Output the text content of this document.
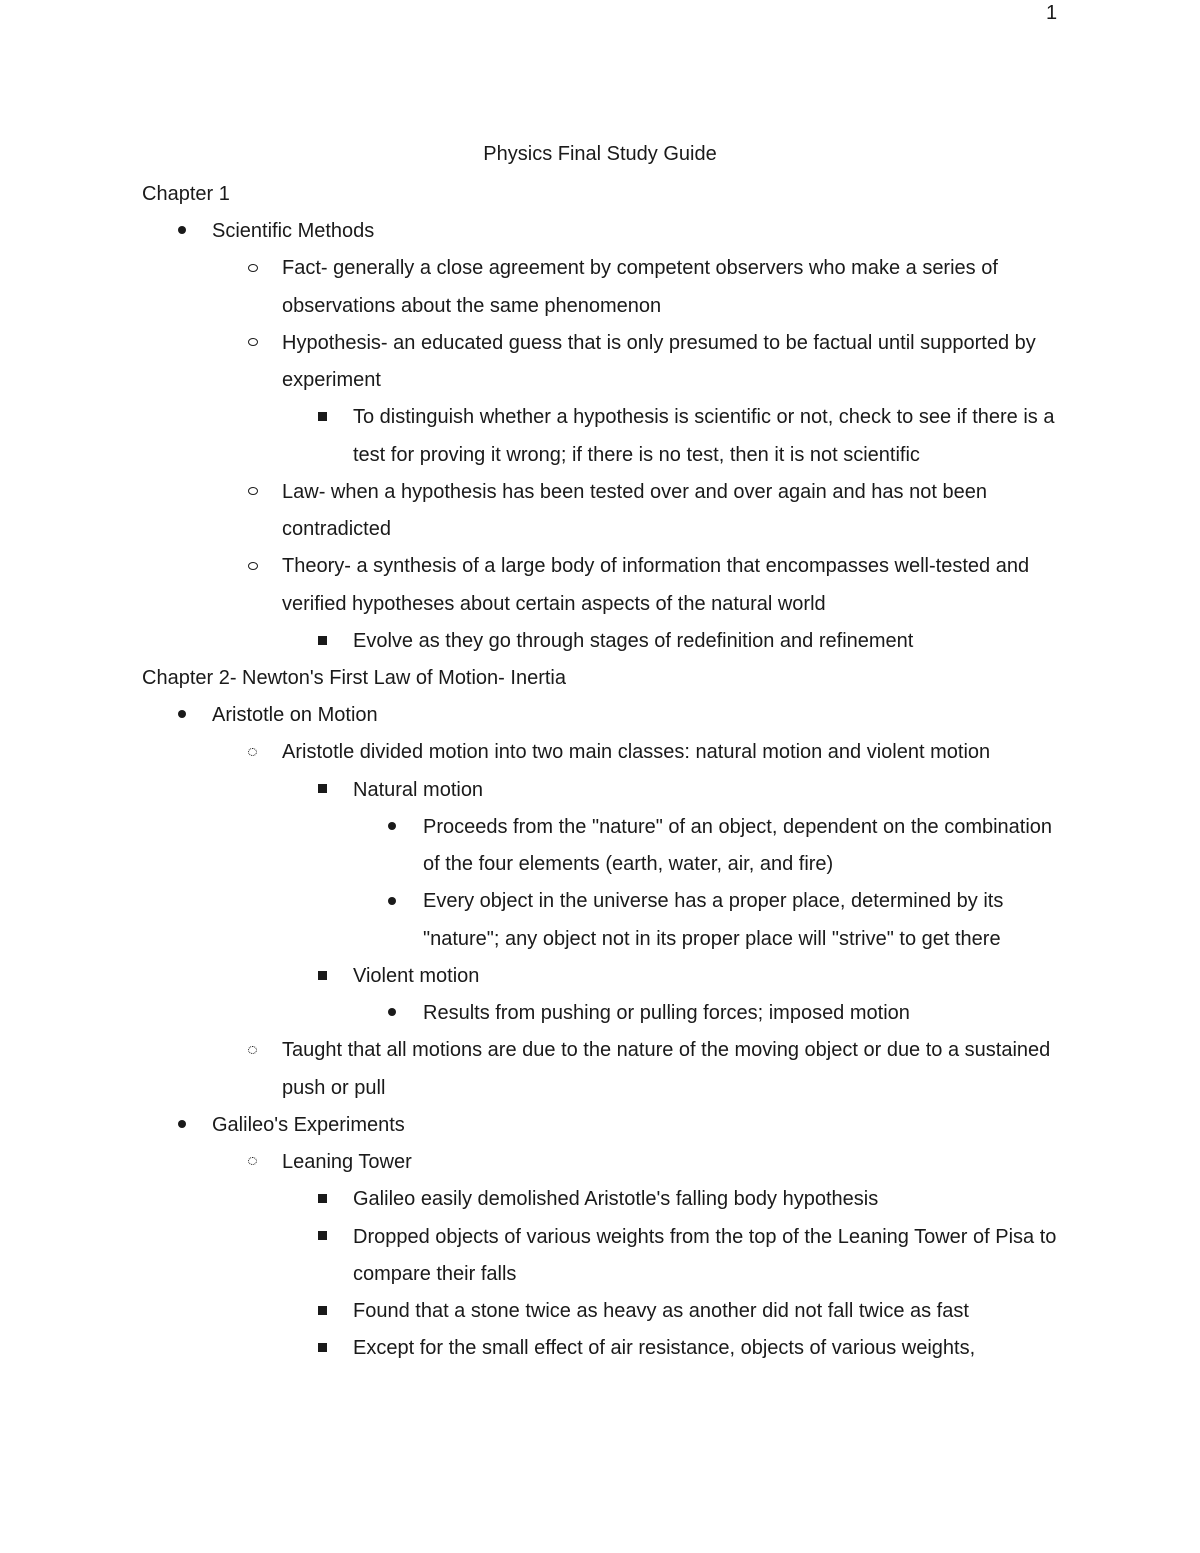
1
Physics Final Study Guide
Chapter 1
Scientific Methods
Fact- generally a close agreement by competent observers who make a series of observations about the same phenomenon
Hypothesis- an educated guess that is only presumed to be factual until supported by experiment
To distinguish whether a hypothesis is scientific or not, check to see if there is a test for proving it wrong; if there is no test, then it is not scientific
Law- when a hypothesis has been tested over and over again and has not been contradicted
Theory- a synthesis of a large body of information that encompasses well-tested and verified hypotheses about certain aspects of the natural world
Evolve as they go through stages of redefinition and refinement
Chapter 2- Newton's First Law of Motion- Inertia
Aristotle on Motion
Aristotle divided motion into two main classes: natural motion and violent motion
Natural motion
Proceeds from the "nature" of an object, dependent on the combination of the four elements (earth, water, air, and fire)
Every object in the universe has a proper place, determined by its "nature"; any object not in its proper place will "strive" to get there
Violent motion
Results from pushing or pulling forces; imposed motion
Taught that all motions are due to the nature of the moving object or due to a sustained push or pull
Galileo's Experiments
Leaning Tower
Galileo easily demolished Aristotle's falling body hypothesis
Dropped objects of various weights from the top of the Leaning Tower of Pisa to compare their falls
Found that a stone twice as heavy as another did not fall twice as fast
Except for the small effect of air resistance, objects of various weights,
